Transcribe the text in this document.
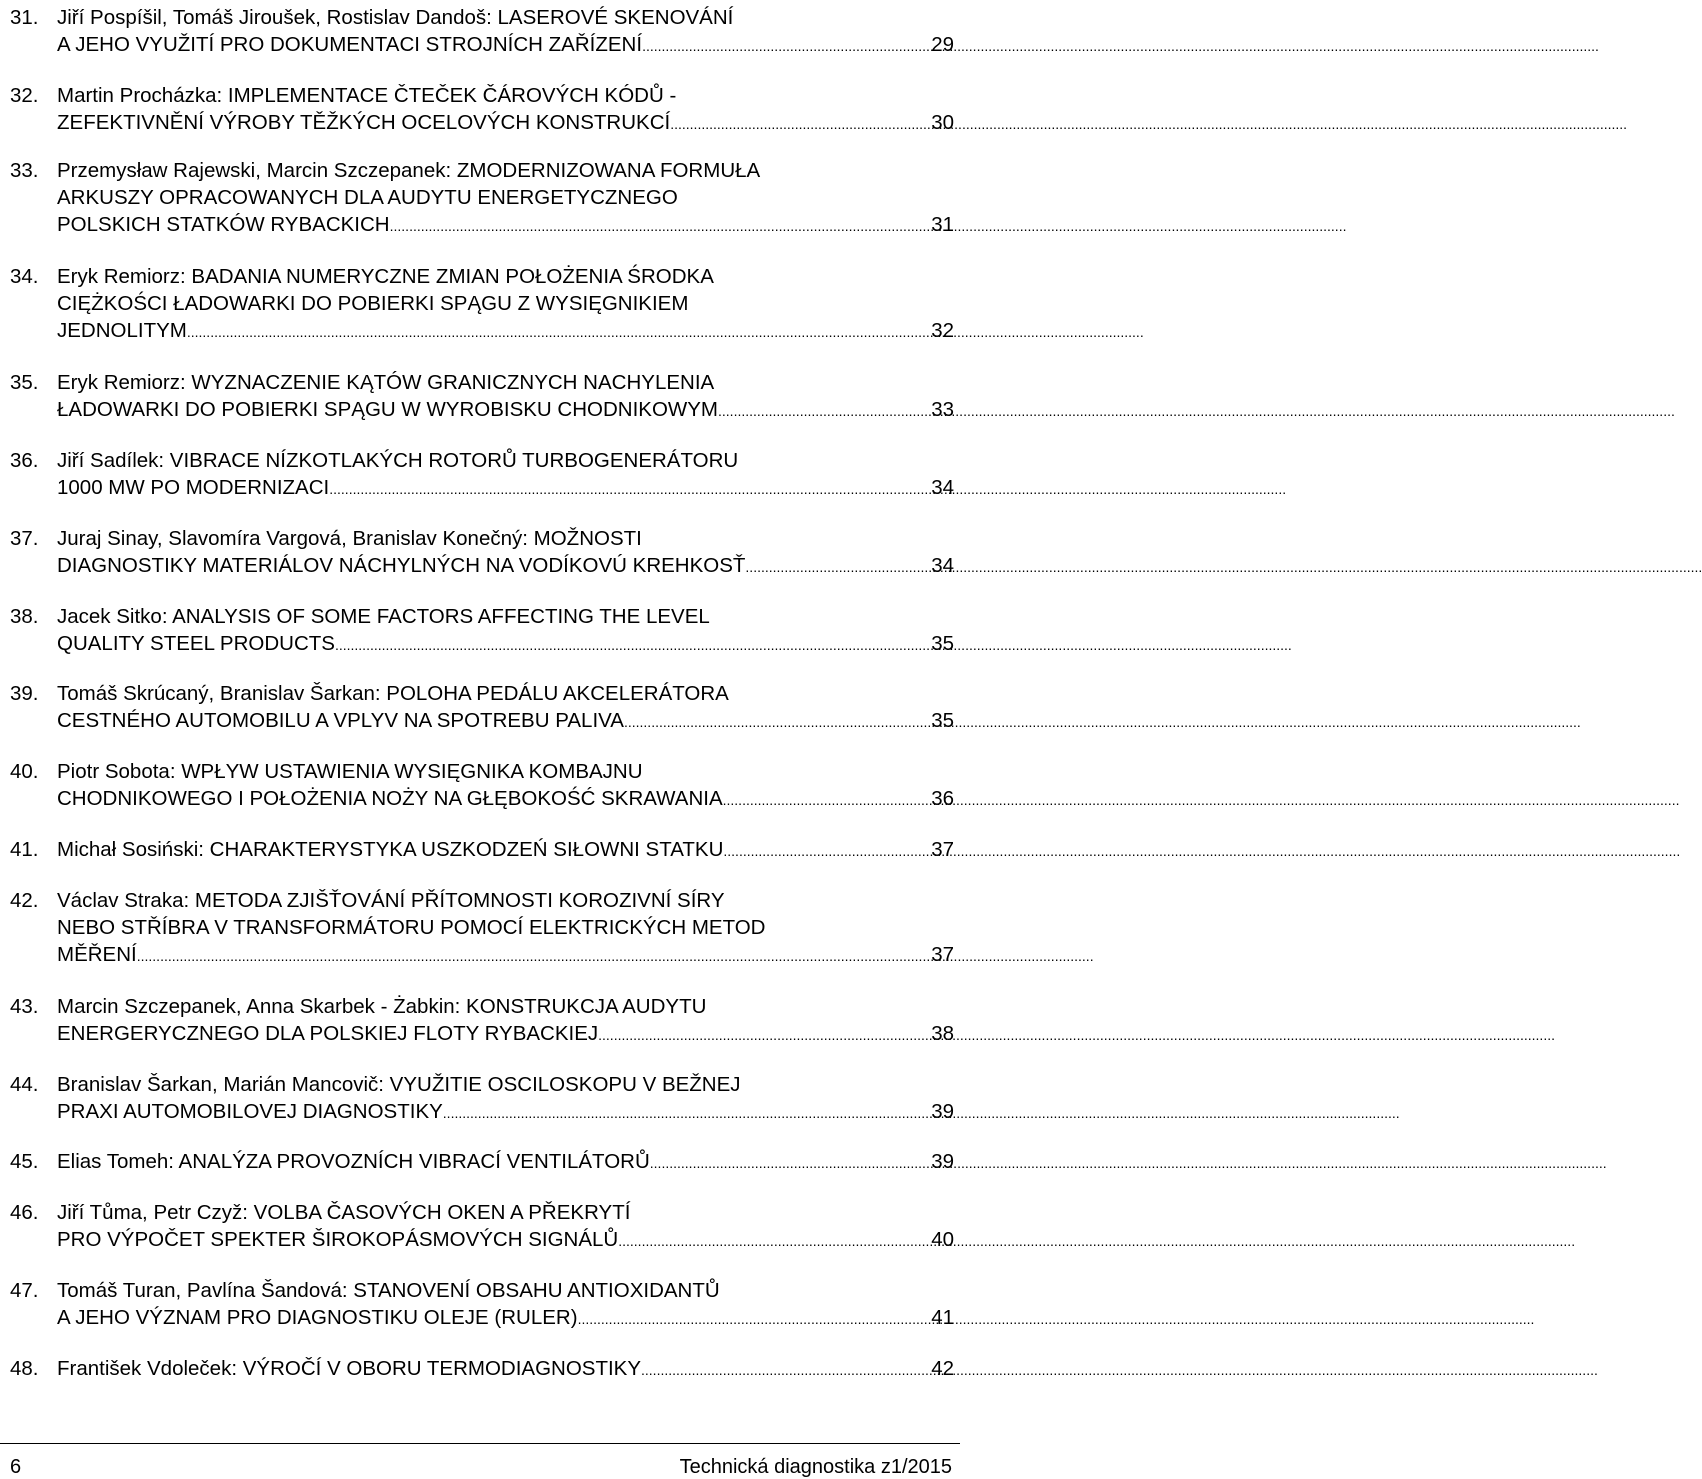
31. Jiří Pospíšil, Tomáš Jiroušek, Rostislav Dandoš: LASEROVÉ SKENOVÁNÍ
A JEHO VYUŽITÍ PRO DOKUMENTACI STROJNÍCH ZAŘÍZENÍ .....	29
32. Martin Procházka: IMPLEMENTACE ČTEČEK ČÁROVÝCH KÓDŮ -
ZEFEKTIVNĚNÍ VÝROBY TĚŽKÝCH OCELOVÝCH KONSTRUKCÍ .....	30
33. Przemysław Rajewski, Marcin Szczepanek: ZMODERNIZOWANA FORMUŁA
ARKUSZY OPRACOWANYCH DLA AUDYTU ENERGETYCZNEGO
POLSKICH STATKÓW RYBACKICH .....	31
34. Eryk Remiorz: BADANIA NUMERYCZNE ZMIAN POŁOŻENIA ŚRODKA
CIĘŻKOŚCI ŁADOWARKI DO POBIERKI SPĄGU Z WYSIĘGNIKIEM
JEDNOLITYM .....	32
35. Eryk Remiorz: WYZNACZENIE KĄTÓW GRANICZNYCH NACHYLENIA
ŁADOWARKI DO POBIERKI SPĄGU W WYROBISKU CHODNIKOWYM .....	33
36. Jiří Sadílek: VIBRACE NÍZKOTLAKÝCH ROTORŮ TURBOGENERÁTORU
1000 MW PO MODERNIZACI .....	34
37. Juraj Sinay, Slavomíra Vargová, Branislav Konečný: MOŽNOSTI
DIAGNOSTIKY MATERIÁLOV NÁCHYLNÝCH NA VODÍKOVÚ KREHKOSŤ .....	34
38. Jacek Sitko: ANALYSIS OF SOME FACTORS AFFECTING THE LEVEL
QUALITY STEEL PRODUCTS .....	35
39. Tomáš Skrúcaný, Branislav Šarkan: POLOHA PEDÁLU AKCELERÁTORA
CESTNÉHO AUTOMOBILU A VPLYV NA SPOTREBU PALIVA .....	35
40. Piotr Sobota: WPŁYW USTAWIENIA WYSIĘGNIKA KOMBAJNU
CHODNIKOWEGO I POŁOŻENIA NOŻY NA GŁĘBOKOŚĆ SKRAWANIA .....	36
41. Michał Sosiński: CHARAKTERYSTYKA USZKODZEŃ SIŁOWNI STATKU .....	37
42. Václav Straka: METODA ZJIŠŤOVÁNÍ PŘÍTOMNOSTI KOROZIVNÍ SÍRY
NEBO STŘÍBRA V TRANSFORMÁTORU POMOCÍ ELEKTRICKÝCH METOD
MĚŘENÍ .....	37
43. Marcin Szczepanek, Anna Skarbek - Żabkin: KONSTRUKCJA AUDYTU
ENERGERYCZNEGO DLA POLSKIEJ FLOTY RYBACKIEJ .....	38
44. Branislav Šarkan, Marián Mancovič: VYUŽITIE OSCILOSKOPU V BEŽNEJ
PRAXI AUTOMOBILOVEJ DIAGNOSTIKY .....	39
45. Elias Tomeh: ANALÝZA PROVOZNÍCH VIBRACÍ VENTILÁTORŮ .....	39
46. Jiří Tůma, Petr Czyž: VOLBA ČASOVÝCH OKEN A PŘEKRYTÍ
PRO VÝPOČET SPEKTER ŠIROKOPÁSMOVÝCH SIGNÁLŮ .....	40
47. Tomáš Turan, Pavlína Šandová: STANOVENÍ OBSAHU ANTIOXIDANTŮ
A JEHO VÝZNAM PRO DIAGNOSTIKU OLEJE (RULER) .....	41
48. František Vdoleček: VÝROČÍ V OBORU TERMODIAGNOSTIKY .....	42
6	Technická diagnostika z1/2015
